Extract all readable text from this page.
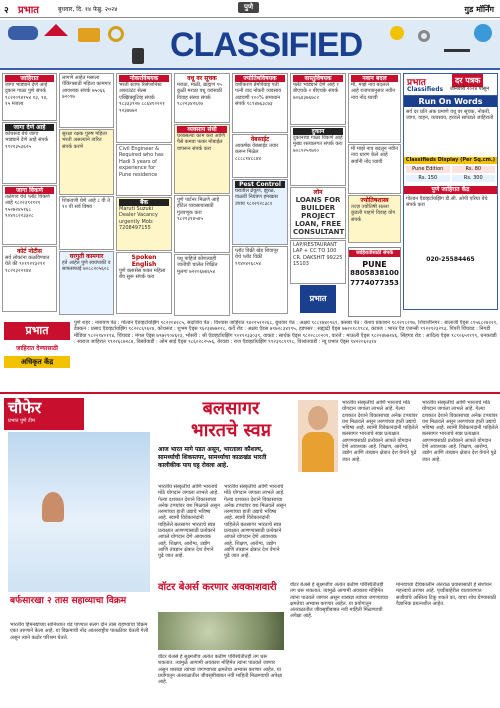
२ प्रभात	बुधवार, दि. १४ फेब्रु. २०२४	पुणे	गुड मॉर्निंग
CLASSIFIED
जाहिरात
जागा भाड्याने देणे आहे दुकान गाळा पुणे संपर्क ९८२२०९४१५४ १३, १४, १५ मजला
जागा देणे आहे
कोथरूड येथे जागा भाड्याने देणे आहे संपर्क ९९२२३५३६२५
जागा विकणे
तळेगाव येथे प्लॉट विकणे आहे ९८२२३९२१२१ ९५२७२४५१६८ ९०४९८२२३३२८
कोर्ट नोटीस
सर्व लोकांना कळविण्यात येते की ९०११२१३२९१ ९८२२३२२१४४
लागणे आहेत मसाला पॅकिंगसाठी महिला कामगार आवश्यक संपर्क ७५०६६ ७२०९७
सुरक्षा रक्षक पुरुष महिला भरती असल्याने त्वरित संपर्क करणे
शिकवणी घेणे आहे ८ वी ते १० वी सर्व विषय
घरगुती कामगार
हवे आहेत पुणे स्वयंपाकी व साफसफाई ७०८८२०५६०८
नोकरविषयक
भरती स्टाफ रिसेप्शनिस्ट अकाउंटंट सेल्स एक्झिक्युटिव्ह संपर्क ९८३३३९२७ ८८६४१२२२१ ९२३४७७२
Civil Engineer & Required who has Hadi 3 years of experience for Pune residence
बैंक
Maruti Suzuki Dealer Vacancy urgently Mob: 7208497155
Spoken English
पुणे क्लासेस फक्त महिला बॅच सुरू संपर्क करा
वधू वर सूचक
मराठा, माळी, ब्राह्मण ९५ कुळी मराठा वधू वरांसाठी विवाह संस्था संपर्क ९८२२३४२६१७
व्यवसाय संधी
घरबसल्या काम करा आणि पैसे कमवा फक्त मोबाईल वापरून संपर्क करा
पुणे पार्टनर मिळणे आहे हॉटेल व्यवसायासाठी गुंतवणूक करा ९८२२३१४५४५
वधू पाहिजे कोणत्याही जातीची चालेल शिक्षित मुलगा ७२२०६७४६५४
ज्योतिषविषयक
वशीकरण प्रेमविवाह पती पत्नी वाद नोकरी व्यवसाय अडचणी १००% समाधान संपर्क ९८९४७६३८७३
वेबसाईट
आकर्षक वेबसाईट तयार करून मिळेल ८८८८१४८८४४
Pest Control
घरातील ढेकूण, झुरळ, वाळवी नियंत्रण हमखास उपाय ९८२२१२८३८१
प्लॉट विक्री खेड शिवापूर येथे प्लॉट विक्री ९१४०४२६८५४
वास्तुविषयक
फ्लॅट भाड्याने देणे आहे १ बीएचके २ बीएचके संपर्क ७०६४३७६७८२
दुकान
दुकानाचा गाळा विकणे आहे मुख्य रस्त्यालगत संपर्क करा ७०८९२५९७१०
लोन
LOANS FOR BUILDER PROJECT LOAN, FREE CONSULTANT
LAP/RESTAURANT LAP + CC TO 100 CR. DAKSHIT 99225 15103
प्रभात
नवान बदल
मी, माझे नाव बदलले आहे राजपत्रानुसार नवीन नाव नोंद घ्यावी
मी माझे नाव बदलून नवीन नाव धारण केले आहे सर्वांनी नोंद घ्यावी
ज्योतिषशास्त्र
तज्ज्ञ ज्योतिषी सल्ला कुंडली पाहणे विवाह योग संपर्क
जाहिरातीसाठी संपर्क
PUNE
8805838100
7774077353
प्रभात
Classifieds
दर पत्रक
जानेवारी २०२४ पासून
Run On Words
सर्व दर प्रति अंक प्रमाणे वधू वर सूचक, नोकरी, जागा, वाहन, व्यवसाय, हरवले सापडले जाहिराती
Classifieds Display (Per Sq.cm.)
Pune Edition	Rs. 80
Rs. 150	Rs. 300
पुणे जाहिरात केंद्र
गोल्डन ऍडव्हर्टायझिंग डी.सी. ओपी एरिया येथे संपर्क करा
020-25584465
प्रभात
जाहिरात देण्यासाठी
अधिकृत केंद्र
पुणे शहर : नारायण पेठ : गोल्डन ऍडव्हर्टायझिंग ९८२२०४२८५, सदाशिव पेठ : विश्वास जाहिरात ९४२२५१२२६८, बुधवार पेठ : अक्षय ९८८१७४०९६९, कसबा पेठ : केशव प्रकाशन ९८२२१८२९७, शिवाजीनगर : बालाजी ऍड्स ८९५६८२४२२१, डेक्कन : प्रसाद ऍडव्हर्टायझिंग ९८२२८६९६२४, कोथरूड : शुभम ऍड्स ९६२३४७७१२८, कर्वे रोड : अक्षय ऍडस ७९७२८३४१९५, हडपसर : सह्याद्री ऍड्स ७७२०१८१९८४, कात्रज : भारत ऍड एजन्सी ९९२२१२३२९३, पिंपरी चिंचवड : निगडी मीडिया ९८२२१४०११४, चिंचवड : मंगल ऍड्स ७९७२९०४६२३, भोसरी : श्री ऍडव्हर्टायझिंग ९०११२३३०३९, वाकड : सार्थक ऍड्स ९८२२८८०२०१, वारजे : माऊली ऍड्स ९८२२४७७१४६, सिंहगड रोड : आदित्य ऍड्स ९८९०६५९१९९, धनकवडी : स्वराज जाहिरात ९९२२६८७२८४, बिबवेवाडी : ओम साई ऍड्स ९८६०२८२५५६, येरवडा : राज ऍडव्हर्टायझिंग ९९२३१८१९९८, विश्रांतवाडी : न्यू प्रभात ऍड्स ९४२२०६२३१४
चौफेर
प्रभात पुणे टीम
बर्फसारखा २ तास सहाव्याचा विक्रम
भारतीय हिमनद्यांच्या सानिध्यात थंड पाण्यात सलग दोन तास राहण्याचा विक्रम एका तरुणाने केला आहे. या विक्रमाची नोंद आंतरराष्ट्रीय पातळीवर घेतली गेली असून त्याने कठोर परिश्रम घेतले.
बलसागर
भारतचे स्वप्न
आज भारत मागे पडत असून, भारताला कौशल्य, सामर्थ्याची शिकस्तपर, सामर्थ्याचा काळखंड भारती कालीकीक पाय घट्ट रोवला आहे.
भारतीय संस्कृतीचे आणि भारताचे मोठे योगदान जगाला लाभले आहे. गेल्या दशकात देशाने विकासाच्या अनेक टप्प्यांवर यश मिळवले असून तरुणांच्या हाती उद्याचे भविष्य आहे. स्वामी विवेकानंदांनी पाहिलेले बलसागर भारताचे स्वप्न प्रत्यक्षात आणण्यासाठी प्रत्येकाने आपले योगदान देणे आवश्यक आहे. शिक्षण, आरोग्य, उद्योग आणि तंत्रज्ञान क्षेत्रात देश वेगाने पुढे जात आहे.
भारतीय संस्कृतीचे आणि भारताचे मोठे योगदान जगाला लाभले आहे. गेल्या दशकात देशाने विकासाच्या अनेक टप्प्यांवर यश मिळवले असून तरुणांच्या हाती उद्याचे भविष्य आहे. स्वामी विवेकानंदांनी पाहिलेले बलसागर भारताचे स्वप्न प्रत्यक्षात आणण्यासाठी प्रत्येकाने आपले योगदान देणे आवश्यक आहे. शिक्षण, आरोग्य, उद्योग आणि तंत्रज्ञान क्षेत्रात देश वेगाने पुढे जात आहे.
भारतीय संस्कृतीचे आणि भारताचे मोठे योगदान जगाला लाभले आहे. गेल्या दशकात देशाने विकासाच्या अनेक टप्प्यांवर यश मिळवले असून तरुणांच्या हाती उद्याचे भविष्य आहे. स्वामी विवेकानंदांनी पाहिलेले बलसागर भारताचे स्वप्न प्रत्यक्षात आणण्यासाठी प्रत्येकाने आपले योगदान देणे आवश्यक आहे. शिक्षण, आरोग्य, उद्योग आणि तंत्रज्ञान क्षेत्रात देश वेगाने पुढे जात आहे.
भारतीय संस्कृतीचे आणि भारताचे मोठे योगदान जगाला लाभले आहे. गेल्या दशकात देशाने विकासाच्या अनेक टप्प्यांवर यश मिळवले असून तरुणांच्या हाती उद्याचे भविष्य आहे. स्वामी विवेकानंदांनी पाहिलेले बलसागर भारताचे स्वप्न प्रत्यक्षात आणण्यासाठी प्रत्येकाने आपले योगदान देणे आवश्यक आहे. शिक्षण, आरोग्य, उद्योग आणि तंत्रज्ञान क्षेत्रात देश वेगाने पुढे जात आहे.
वॉटर बेअर्स करणार अवकाशवारी
वॉटर बेअर्स हे सूक्ष्मजीव अत्यंत कठीण परिस्थितीतही तग धरू शकतात. त्यामुळे आगामी अवकाश मोहिमेत त्यांना पाठवले जाणार असून शास्त्रज्ञ त्यांच्या जगण्याच्या क्षमतेचा अभ्यास करणार आहेत. या प्रयोगातून अंतराळातील जीवसृष्टीबाबत नवी माहिती मिळण्याची अपेक्षा आहे.
वॉटर बेअर्स हे सूक्ष्मजीव अत्यंत कठीण परिस्थितीतही तग धरू शकतात. त्यामुळे आगामी अवकाश मोहिमेत त्यांना पाठवले जाणार असून शास्त्रज्ञ त्यांच्या जगण्याच्या क्षमतेचा अभ्यास करणार आहेत. या प्रयोगातून अंतराळातील जीवसृष्टीबाबत नवी माहिती मिळण्याची अपेक्षा आहे.
मानवाच्या दीर्घकालीन अंतराळ प्रवासासाठी हे संशोधन महत्त्वाचे ठरणार आहे. पृथ्वीबाहेरील वातावरणात सजीवांचे अस्तित्व टिकू शकते का, याचा शोध घेण्यासाठी वैज्ञानिक प्रयत्नशील आहेत.
